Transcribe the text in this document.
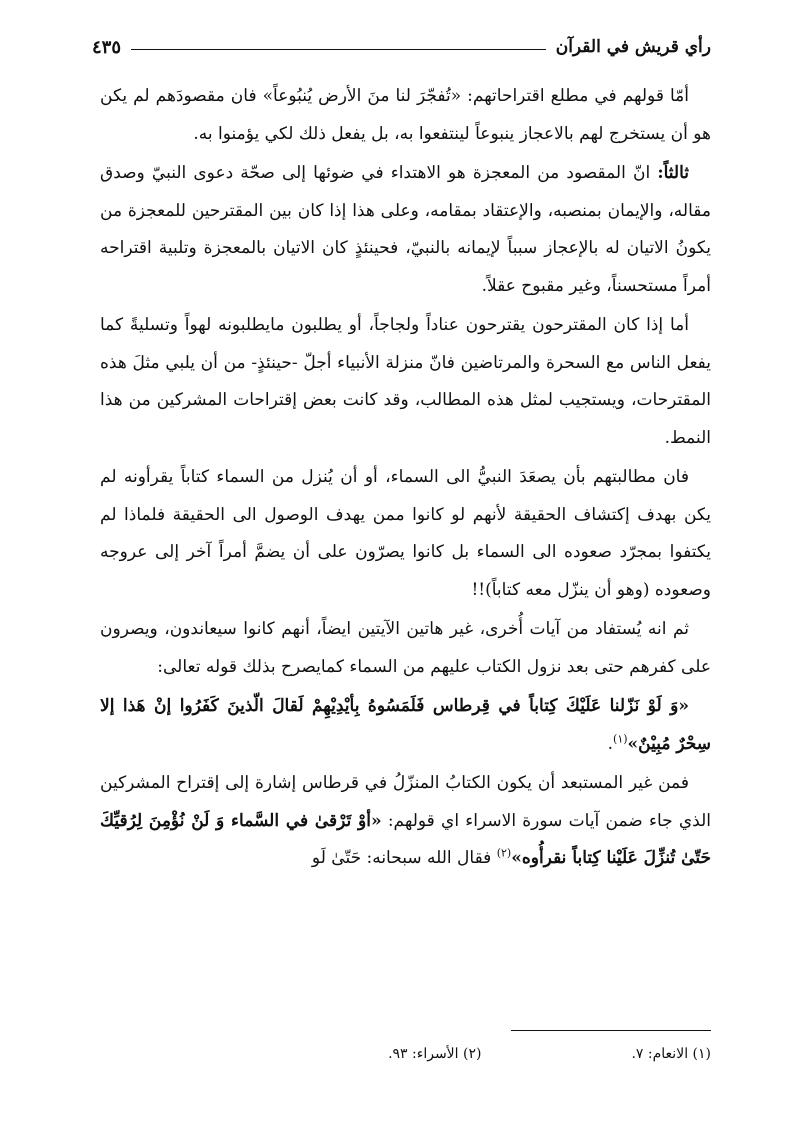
رأي قريش في القرآن
٤٣٥

أمّا قولهم في مطلع اقتراحاتهم: «تُفجّرَ لنا منَ الأرض يُنبُوعاً» فان مقصودَهم لم يكن هو أن يستخرج لهم بالاعجاز ينبوعاً لينتفعوا به، بل يفعل ذلك لكي يؤمنوا به.

ثالثاً: انّ المقصود من المعجزة هو الاهتداء في ضوئها إلى صحّة دعوى النبيّ وصدق مقاله، والإيمان بمنصبه، والإعتقاد بمقامه، وعلى هذا إذا كان بين المقترحين للمعجزة من يكونُ الاتيان له بالإعجاز سبباً لإيمانه بالنبيّ، فحينئذٍ كان الاتيان بالمعجزة وتلبية اقتراحه أمراً مستحسناً، وغير مقبوح عقلاً.

أما إذا كان المقترحون يقترحون عناداً ولجاجاً، أو يطلبون مايطلبونه لهواً وتسليةً كما يفعل الناس مع السحرة والمرتاضين فانّ منزلة الأنبياء أجلّ -حينئذٍ- من أن يلبي مثلَ هذه المقترحات، ويستجيب لمثل هذه المطالب، وقد كانت بعض إقتراحات المشركين من هذا النمط.

فان مطالبتهم بأن يصعَدَ النبيُّ الى السماء، أو أن يُنزل من السماء كتاباً يقرأونه لم يكن بهدف إكتشاف الحقيقة لأنهم لو كانوا ممن يهدف الوصول الى الحقيقة فلماذا لم يكتفوا بمجرّد صعوده الى السماء بل كانوا يصرّون على أن يضمَّ أمراً آخر إلى عروجه وصعوده (وهو أن ينزّل معه كتاباً)!!

ثم انه يُستفاد من آيات أُخرى، غير هاتين الآيتين ايضاً، أنهم كانوا سيعاندون، ويصرون على كفرهم حتى بعد نزول الكتاب عليهم من السماء كمايصرح بذلك قوله تعالى:

«وَ لَوْ نَزّلنا عَلَيْكَ كِتاباً في قِرطاس فَلَمَسُوهُ بِأيْدِيْهِمْ لَقالَ الّذينَ كَفَرُوا إنْ هَذا إلا سِحْرٌ مُبِيْنٌ»$^{(١)}$.

فمن غير المستبعد أن يكون الكتابُ المنزّلُ في قرطاس إشارة إلى إقتراح المشركين الذي جاء ضمن آيات سورة الاسراء اي قولهم: «أوْ تَرْقىٰ في السَّماء وَ لَنْ نُؤْمِنَ لِرُقيِّكَ حَتّىٰ تُنزِّلَ عَلَيْنا كِتاباً نقرأُوه»$^{(٢)}$ فقال الله سبحانه: حَتّىٰ لَو

(١) الانعام: ٧.
(٢) الأسراء: ٩٣.
